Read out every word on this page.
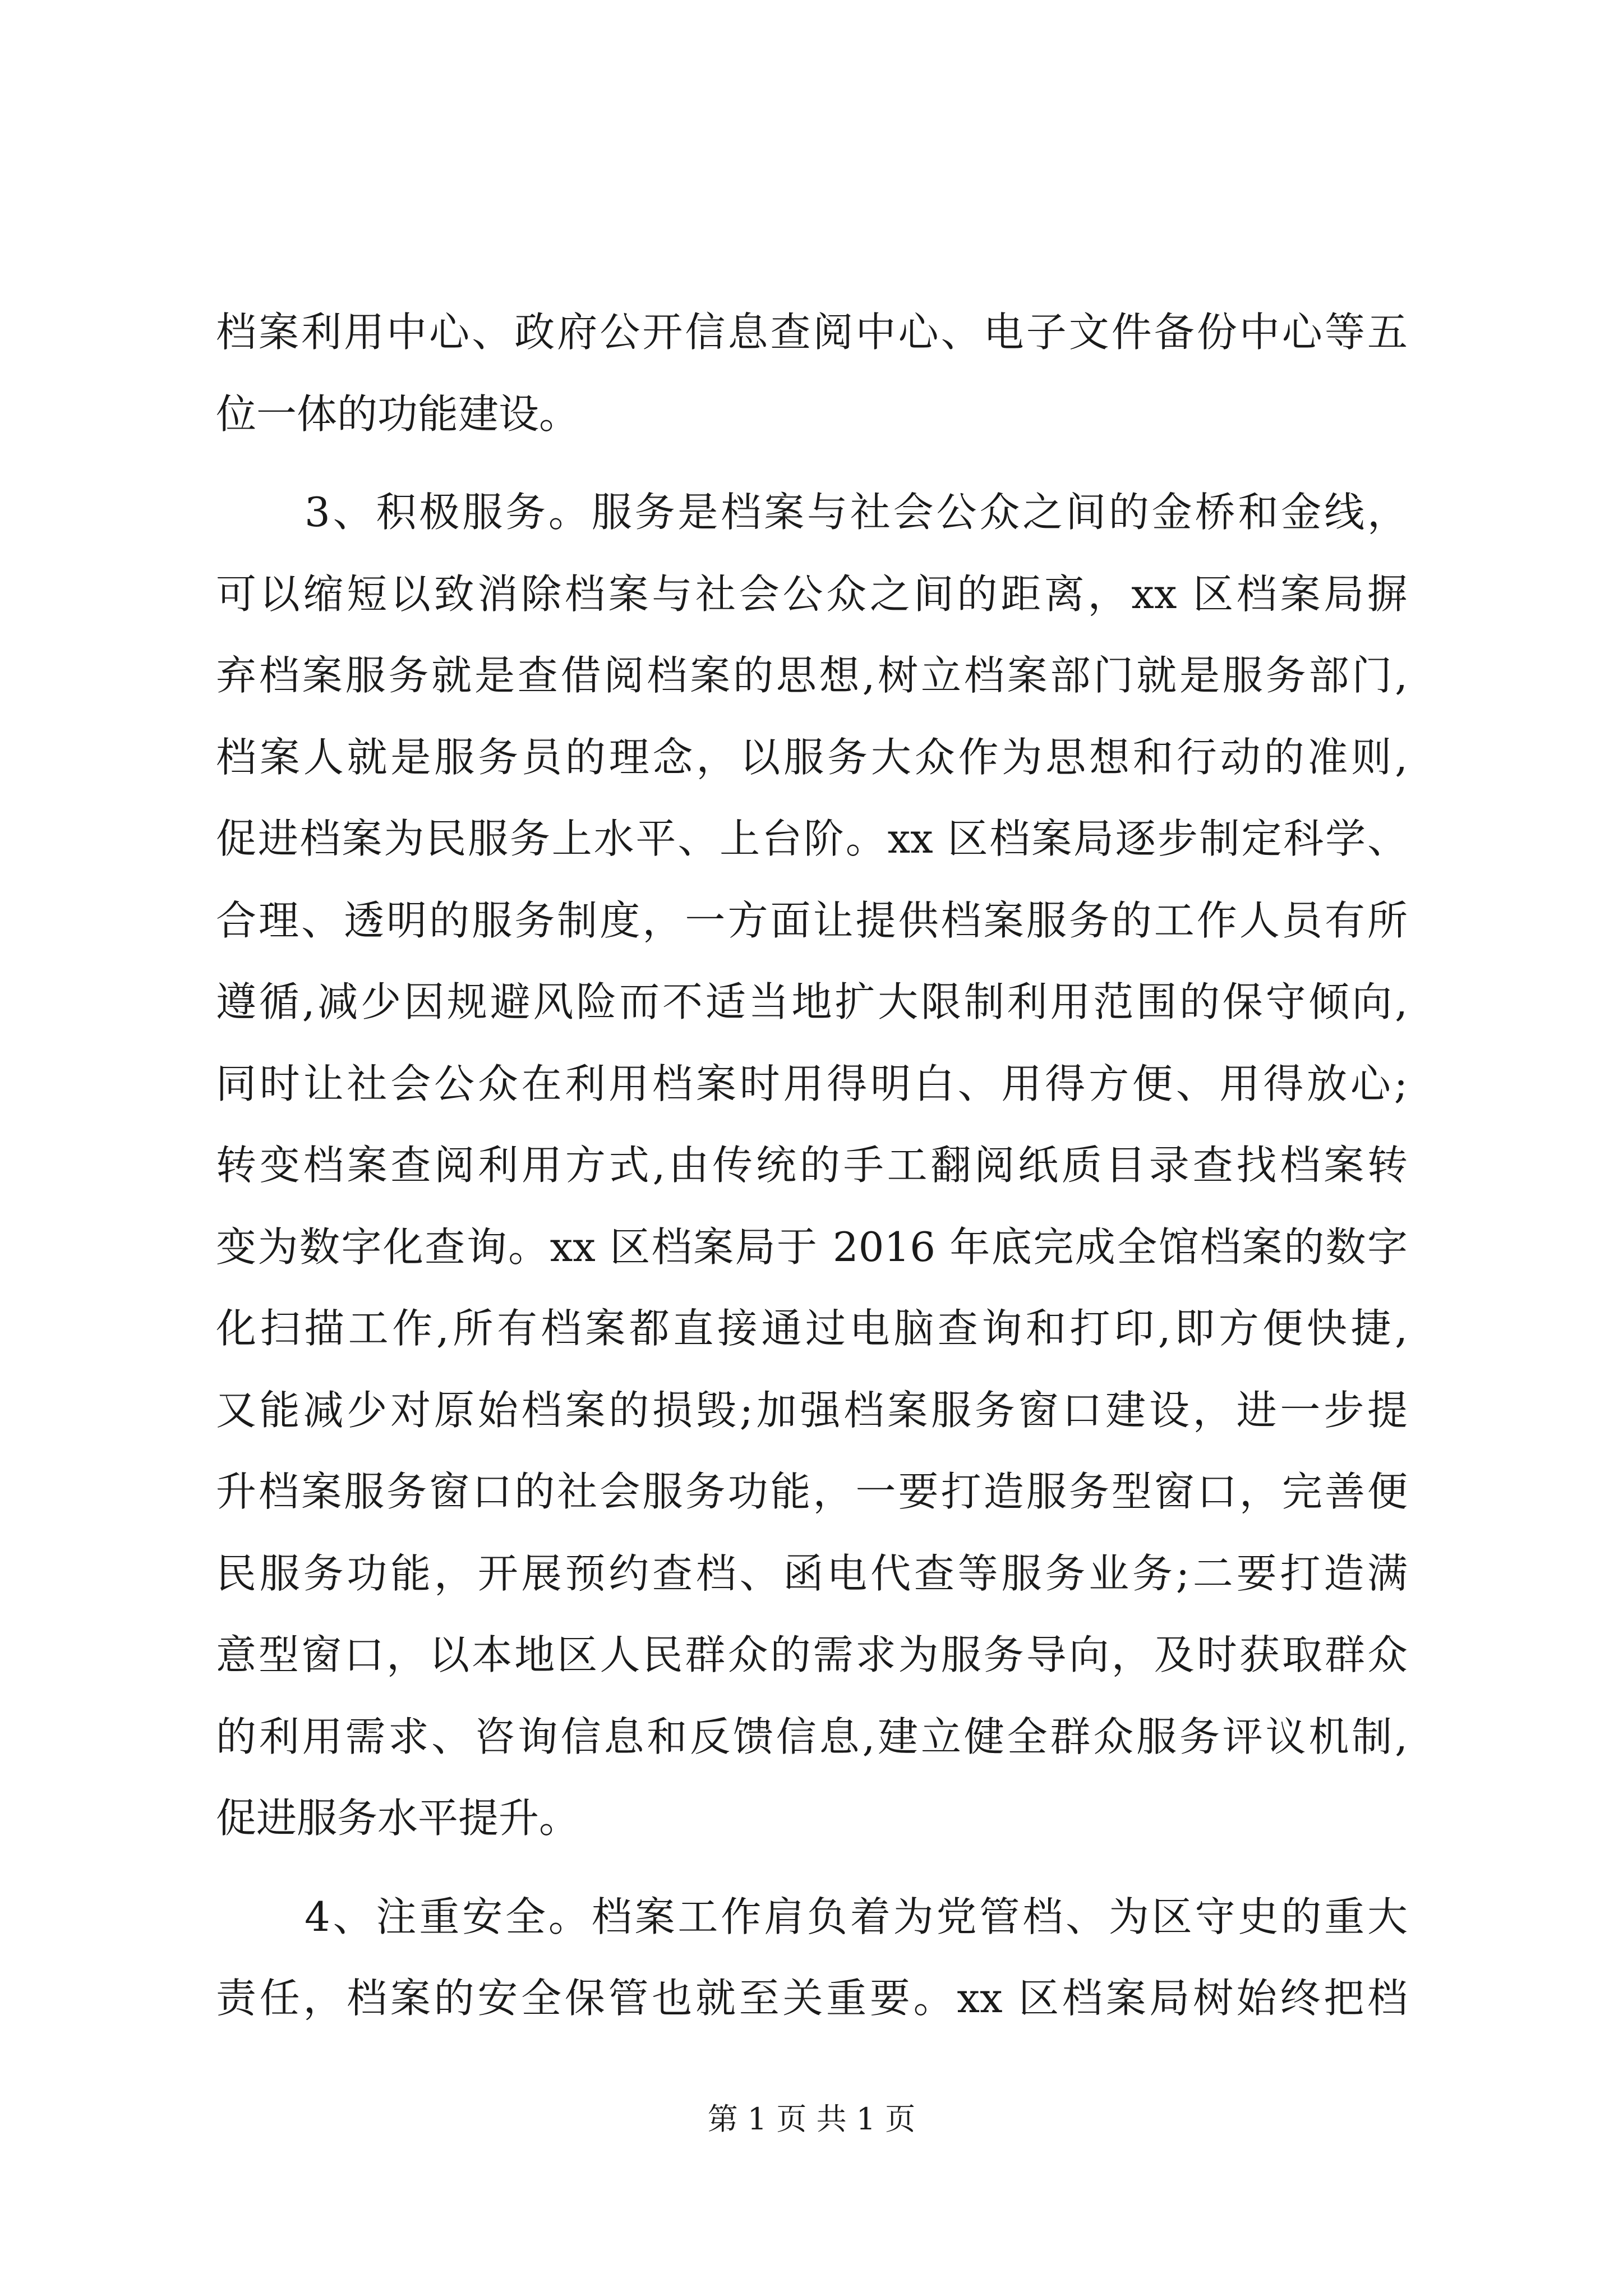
档案利用中心、政府公开信息查阅中心、电子文件备份中心等五
位一体的功能建设。
3、积极服务。服务是档案与社会公众之间的金桥和金线，
可以缩短以致消除档案与社会公众之间的距离，xx 区档案局摒
弃档案服务就是查借阅档案的思想,树立档案部门就是服务部门,
档案人就是服务员的理念，以服务大众作为思想和行动的准则,
促进档案为民服务上水平、上台阶。xx 区档案局逐步制定科学、
合理、透明的服务制度，一方面让提供档案服务的工作人员有所
遵循,减少因规避风险而不适当地扩大限制利用范围的保守倾向,
同时让社会公众在利用档案时用得明白、用得方便、用得放心;
转变档案查阅利用方式,由传统的手工翻阅纸质目录查找档案转
变为数字化查询。xx 区档案局于 2016 年底完成全馆档案的数字
化扫描工作,所有档案都直接通过电脑查询和打印,即方便快捷,
又能减少对原始档案的损毁;加强档案服务窗口建设，进一步提
升档案服务窗口的社会服务功能，一要打造服务型窗口，完善便
民服务功能，开展预约查档、函电代查等服务业务;二要打造满
意型窗口，以本地区人民群众的需求为服务导向，及时获取群众
的利用需求、咨询信息和反馈信息,建立健全群众服务评议机制,
促进服务水平提升。
4、注重安全。档案工作肩负着为党管档、为区守史的重大
责任，档案的安全保管也就至关重要。xx 区档案局树始终把档
第 1 页 共 1 页
